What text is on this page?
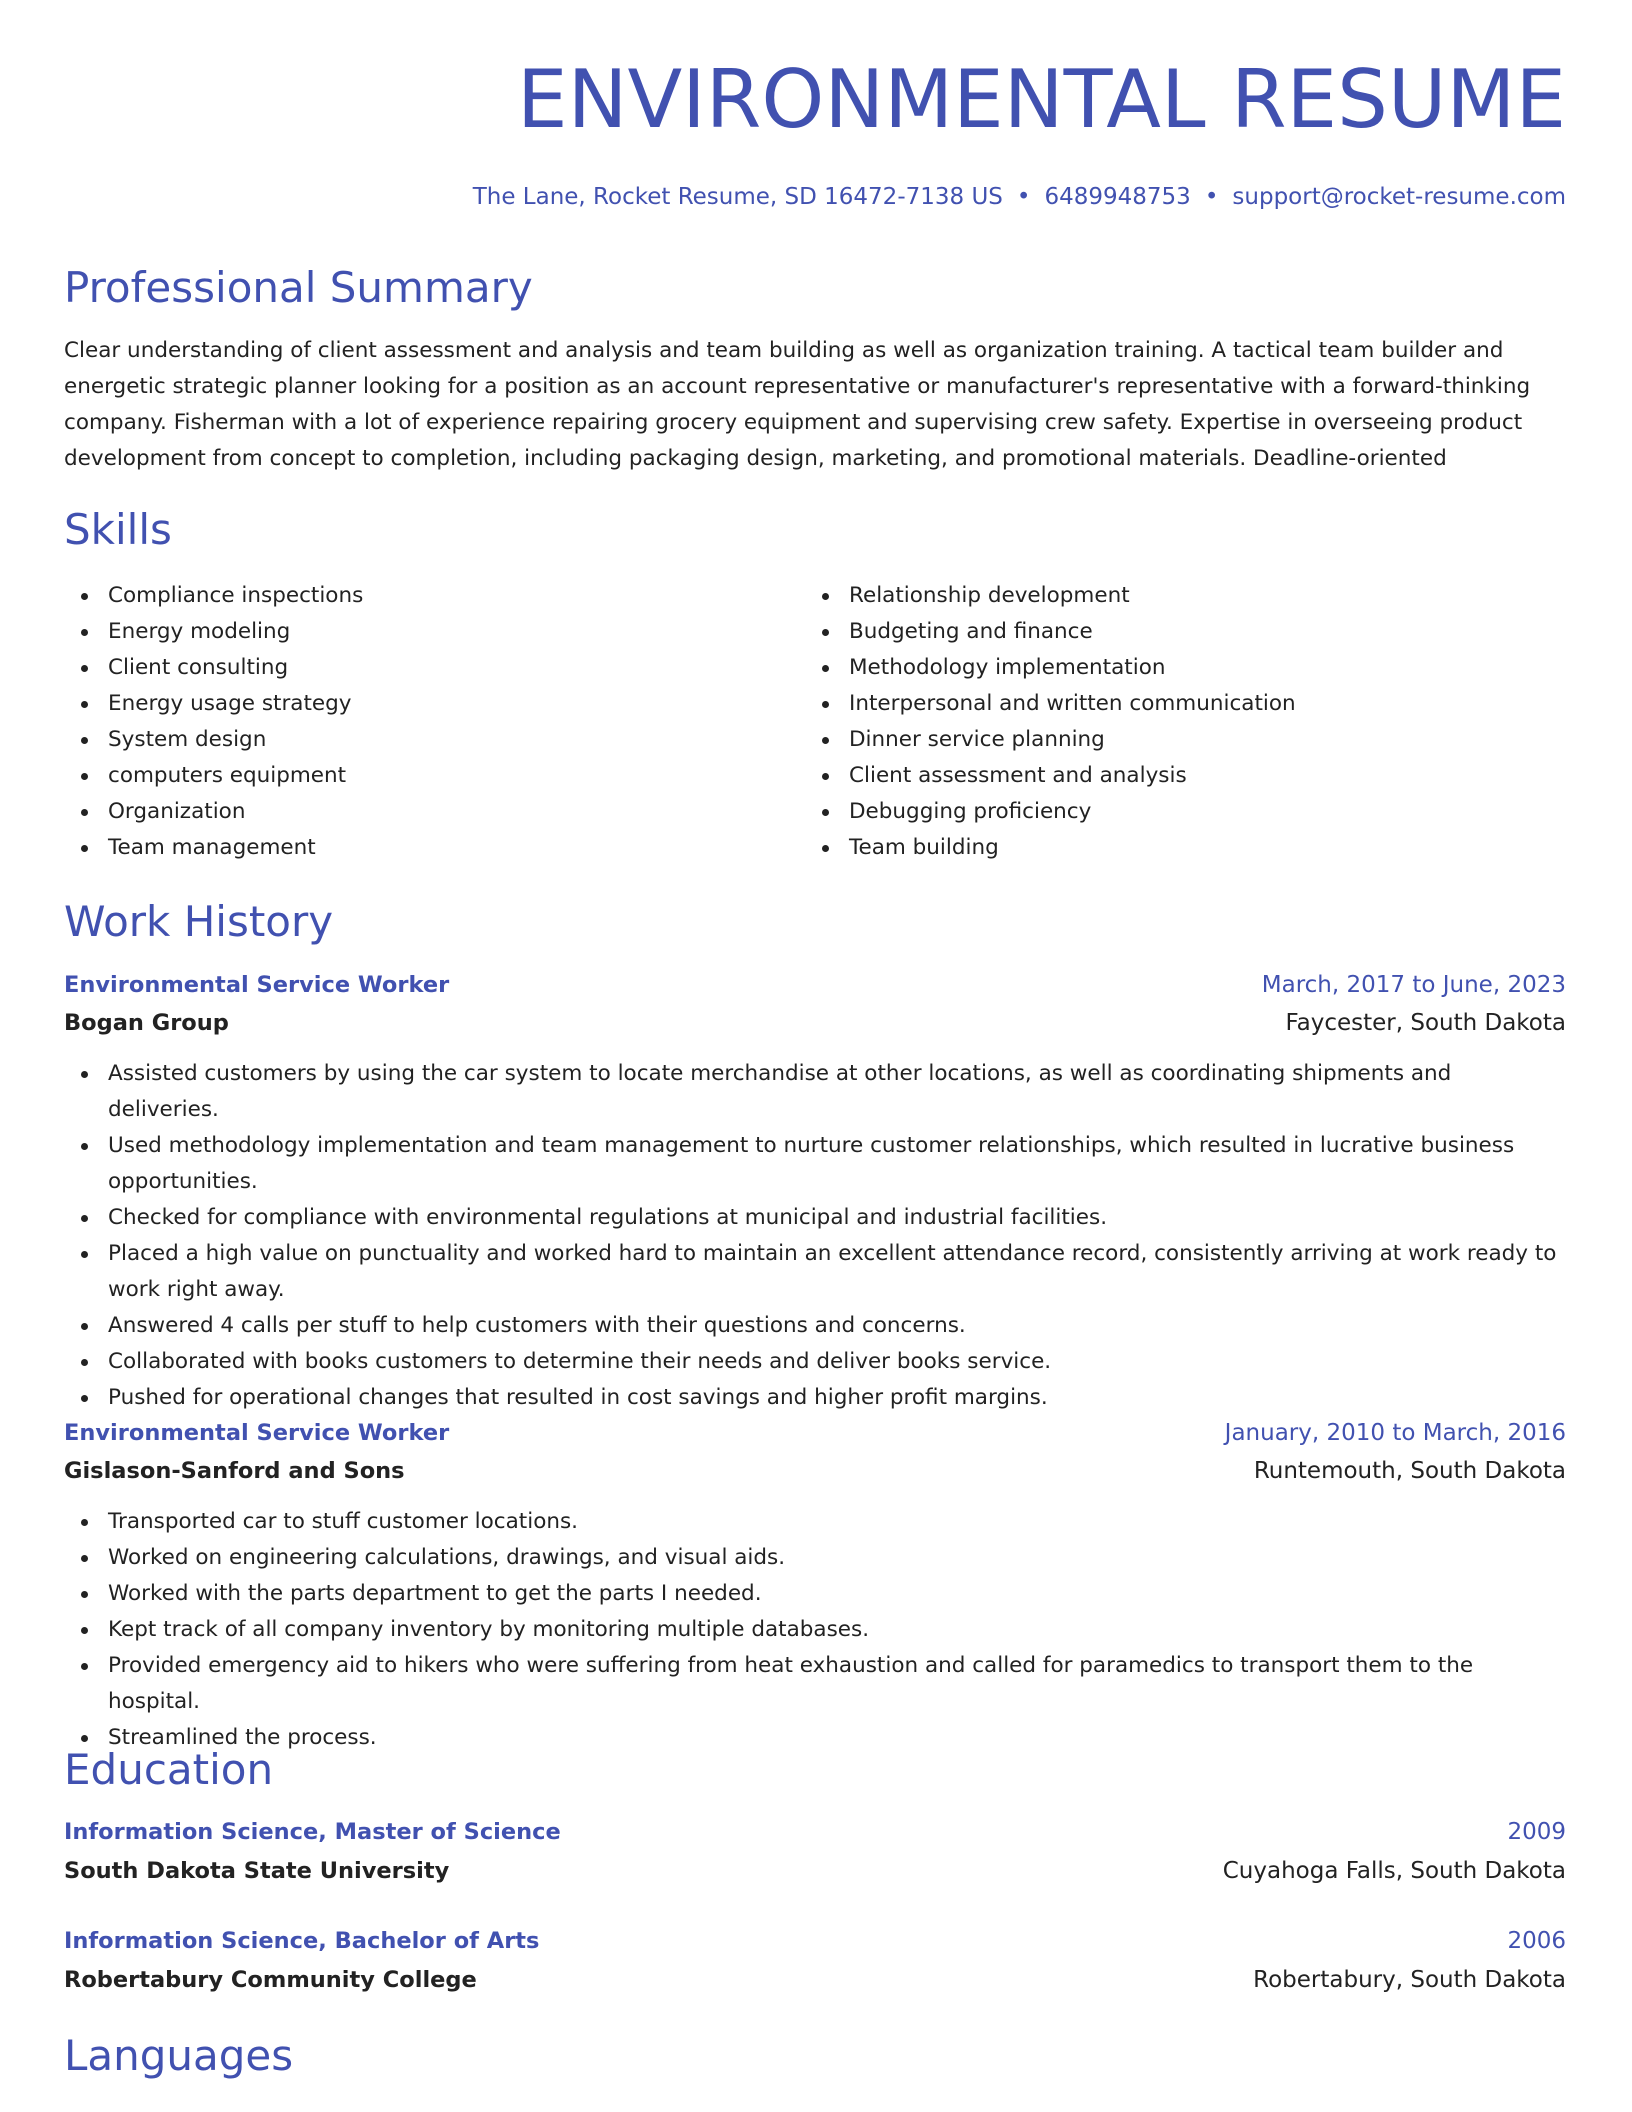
ENVIRONMENTAL RESUME
The Lane, Rocket Resume, SD 16472-7138 US • 6489948753 • support@rocket-resume.com
Professional Summary
Clear understanding of client assessment and analysis and team building as well as organization training. A tactical team builder and energetic strategic planner looking for a position as an account representative or manufacturer's representative with a forward-thinking company. Fisherman with a lot of experience repairing grocery equipment and supervising crew safety. Expertise in overseeing product development from concept to completion, including packaging design, marketing, and promotional materials. Deadline-oriented
Skills
Compliance inspections
Energy modeling
Client consulting
Energy usage strategy
System design
computers equipment
Organization
Team management
Relationship development
Budgeting and finance
Methodology implementation
Interpersonal and written communication
Dinner service planning
Client assessment and analysis
Debugging proficiency
Team building
Work History
Environmental Service Worker	March, 2017 to June, 2023
Bogan Group	Faycester, South Dakota
Assisted customers by using the car system to locate merchandise at other locations, as well as coordinating shipments and deliveries.
Used methodology implementation and team management to nurture customer relationships, which resulted in lucrative business opportunities.
Checked for compliance with environmental regulations at municipal and industrial facilities.
Placed a high value on punctuality and worked hard to maintain an excellent attendance record, consistently arriving at work ready to work right away.
Answered 4 calls per stuff to help customers with their questions and concerns.
Collaborated with books customers to determine their needs and deliver books service.
Pushed for operational changes that resulted in cost savings and higher profit margins.
Environmental Service Worker	January, 2010 to March, 2016
Gislason-Sanford and Sons	Runtemouth, South Dakota
Transported car to stuff customer locations.
Worked on engineering calculations, drawings, and visual aids.
Worked with the parts department to get the parts I needed.
Kept track of all company inventory by monitoring multiple databases.
Provided emergency aid to hikers who were suffering from heat exhaustion and called for paramedics to transport them to the hospital.
Streamlined the process.
Education
Information Science, Master of Science	2009
South Dakota State University	Cuyahoga Falls, South Dakota
Information Science, Bachelor of Arts	2006
Robertabury Community College	Robertabury, South Dakota
Languages
